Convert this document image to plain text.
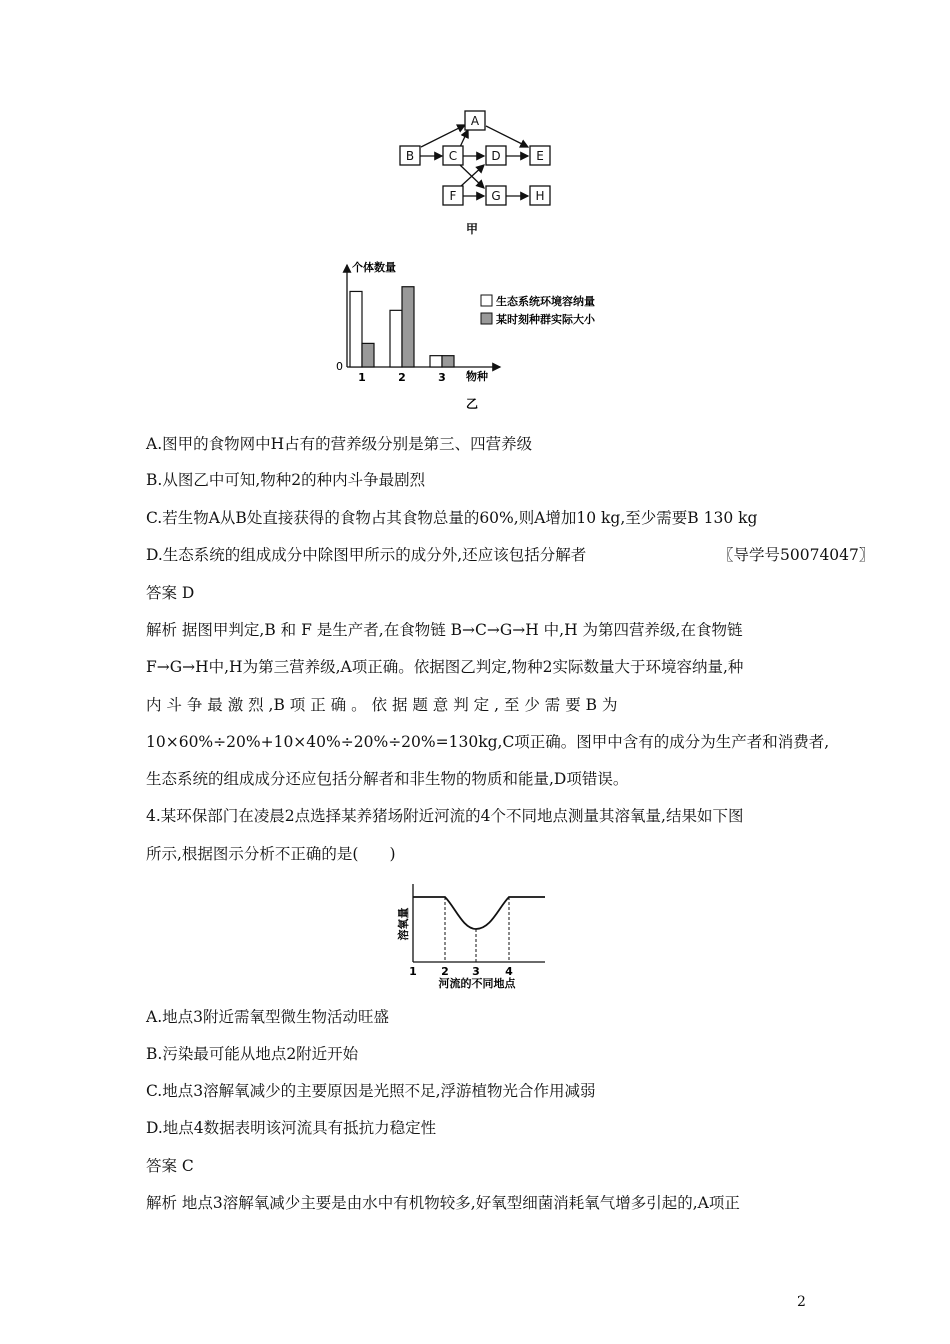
A
B	C	D	E
F	G	H
甲
个体数量
物种
0
1	2	3
生态系统环境容纳量
某时刻种群实际大小
乙
A.图甲的食物网中H占有的营养级分别是第三、四营养级
B.从图乙中可知,物种2的种内斗争最剧烈
C.若生物A从B处直接获得的食物占其食物总量的60%,则A增加10 kg,至少需要B 130 kg
D.生态系统的组成成分中除图甲所示的成分外,还应该包括分解者	〖导学号50074047〗
答案 D
解析 据图甲判定,B 和 F 是生产者,在食物链 B→C→G→H 中,H 为第四营养级,在食物链
F→G→H中,H为第三营养级,A项正确。依据图乙判定,物种2实际数量大于环境容纳量,种
内 斗 争 最 激 烈 ,B 项 正 确 。 依 据 题 意 判 定 , 至 少 需 要 B 为
10×60%÷20%+10×40%÷20%÷20%=130kg,C项正确。图甲中含有的成分为生产者和消费者,
生态系统的组成成分还应包括分解者和非生物的物质和能量,D项错误。
4.某环保部门在凌晨2点选择某养猪场附近河流的4个不同地点测量其溶氧量,结果如下图
所示,根据图示分析不正确的是(　　)
溶氧量
1 2 3 4
河流的不同地点
A.地点3附近需氧型微生物活动旺盛
B.污染最可能从地点2附近开始
C.地点3溶解氧减少的主要原因是光照不足,浮游植物光合作用减弱
D.地点4数据表明该河流具有抵抗力稳定性
答案 C
解析 地点3溶解氧减少主要是由水中有机物较多,好氧型细菌消耗氧气增多引起的,A项正
2
